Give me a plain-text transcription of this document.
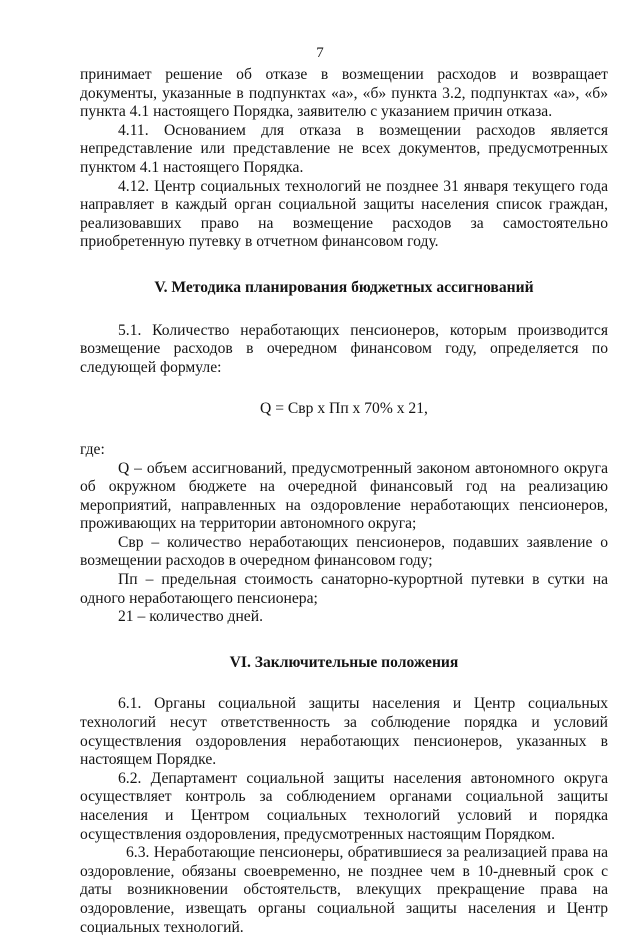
7

принимает решение об отказе в возмещении расходов и возвращает документы, указанные в подпунктах «а», «б» пункта 3.2, подпунктах «а», «б» пункта 4.1 настоящего Порядка, заявителю с указанием причин отказа.

4.11. Основанием для отказа в возмещении расходов является непредставление или представление не всех документов, предусмотренных пунктом 4.1 настоящего Порядка.

4.12. Центр социальных технологий не позднее 31 января текущего года направляет в каждый орган социальной защиты населения список граждан, реализовавших право на возмещение расходов за самостоятельно приобретенную путевку в отчетном финансовом году.

V. Методика планирования бюджетных ассигнований

5.1. Количество неработающих пенсионеров, которым производится возмещение расходов в очередном финансовом году, определяется по следующей формуле:

Q = Свр х Пп х 70% х 21,

где:

Q – объем ассигнований, предусмотренный законом автономного округа об окружном бюджете на очередной финансовый год на реализацию мероприятий, направленных на оздоровление неработающих пенсионеров, проживающих на территории автономного округа;

Свр – количество неработающих пенсионеров, подавших заявление о возмещении расходов в очередном финансовом году;

Пп – предельная стоимость санаторно-курортной путевки в сутки на одного неработающего пенсионера;

21 – количество дней.

VI. Заключительные положения

6.1. Органы социальной защиты населения и Центр социальных технологий несут ответственность за соблюдение порядка и условий осуществления оздоровления неработающих пенсионеров, указанных в настоящем Порядке.

6.2. Департамент социальной защиты населения автономного округа осуществляет контроль за соблюдением органами социальной защиты населения и Центром социальных технологий условий и порядка осуществления оздоровления, предусмотренных настоящим Порядком.

6.3. Неработающие пенсионеры, обратившиеся за реализацией права на оздоровление, обязаны своевременно, не позднее чем в 10-дневный срок с даты возникновении обстоятельств, влекущих прекращение права на оздоровление, извещать органы социальной защиты населения и Центр социальных технологий.
